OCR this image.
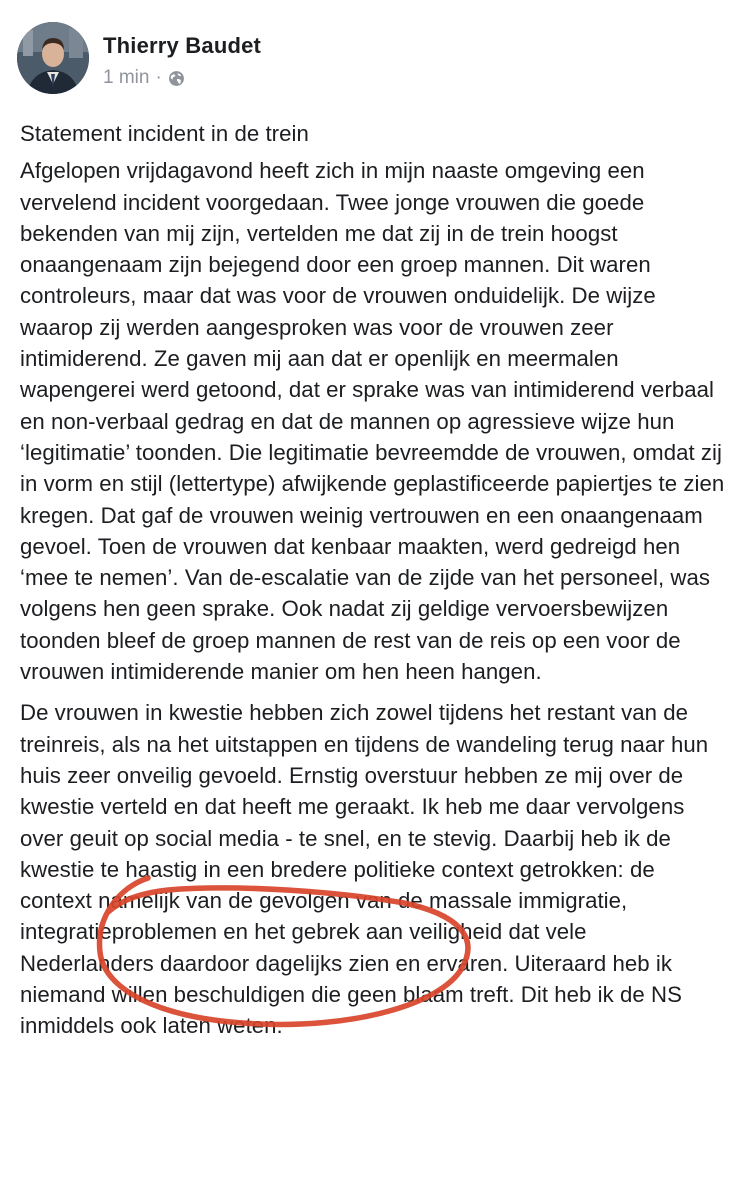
Thierry Baudet
1 min ·

Statement incident in de trein

Afgelopen vrijdagavond heeft zich in mijn naaste omgeving een vervelend incident voorgedaan. Twee jonge vrouwen die goede bekenden van mij zijn, vertelden me dat zij in de trein hoogst onaangenaam zijn bejegend door een groep mannen. Dit waren controleurs, maar dat was voor de vrouwen onduidelijk. De wijze waarop zij werden aangesproken was voor de vrouwen zeer intimiderend. Ze gaven mij aan dat er openlijk en meermalen wapengerei werd getoond, dat er sprake was van intimiderend verbaal en non-verbaal gedrag en dat de mannen op agressieve wijze hun ‘legitimatie’ toonden. Die legitimatie bevreemdde de vrouwen, omdat zij in vorm en stijl (lettertype) afwijkende geplastificeerde papiertjes te zien kregen. Dat gaf de vrouwen weinig vertrouwen en een onaangenaam gevoel. Toen de vrouwen dat kenbaar maakten, werd gedreigd hen ‘mee te nemen’. Van de-escalatie van de zijde van het personeel, was volgens hen geen sprake. Ook nadat zij geldige vervoersbewijzen toonden bleef de groep mannen de rest van de reis op een voor de vrouwen intimiderende manier om hen heen hangen.

De vrouwen in kwestie hebben zich zowel tijdens het restant van de treinreis, als na het uitstappen en tijdens de wandeling terug naar hun huis zeer onveilig gevoeld. Ernstig overstuur hebben ze mij over de kwestie verteld en dat heeft me geraakt. Ik heb me daar vervolgens over geuit op social media - te snel, en te stevig. Daarbij heb ik de kwestie te haastig in een bredere politieke context getrokken: de context namelijk van de gevolgen van de massale immigratie, integratieproblemen en het gebrek aan veiligheid dat vele Nederlanders daardoor dagelijks zien en ervaren. Uiteraard heb ik niemand willen beschuldigen die geen blaam treft. Dit heb ik de NS inmiddels ook laten weten.
